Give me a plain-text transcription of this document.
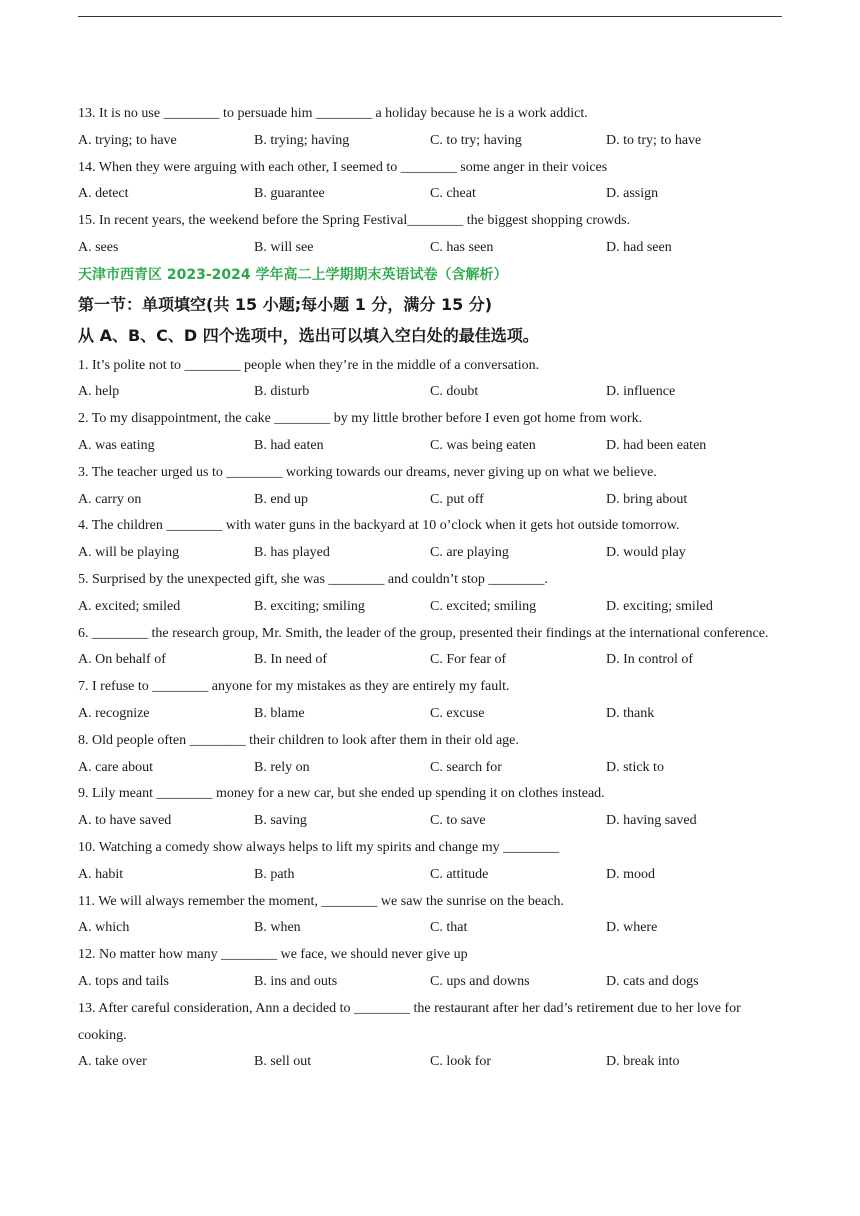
13. It is no use ________ to persuade him ________ a holiday because he is a work addict.
A. trying; to have	B. trying; having	C. to try; having	D. to try; to have
14. When they were arguing with each other, I seemed to ________ some anger in their voices
A. detect	B. guarantee	C. cheat	D. assign
15. In recent years, the weekend before the Spring Festival________ the biggest shopping crowds.
A. sees	B. will see	C. has seen	D. had seen
天津市西青区 2023-2024 学年高二上学期期末英语试卷（含解析）
第一节：单项填空(共 15 小题;每小题 1 分，满分 15 分)
从 A、B、C、D 四个选项中，选出可以填入空白处的最佳选项。
1. It’s polite not to ________ people when they’re in the middle of a conversation.
A. help	B. disturb	C. doubt	D. influence
2. To my disappointment, the cake ________ by my little brother before I even got home from work.
A. was eating	B. had eaten	C. was being eaten	D. had been eaten
3. The teacher urged us to ________ working towards our dreams, never giving up on what we believe.
A. carry on	B. end up	C. put off	D. bring about
4. The children ________ with water guns in the backyard at 10 o’clock when it gets hot outside tomorrow.
A. will be playing	B. has played	C. are playing	D. would play
5. Surprised by the unexpected gift, she was ________ and couldn’t stop ________.
A. excited; smiled	B. exciting; smiling	C. excited; smiling	D. exciting; smiled
6. ________ the research group, Mr. Smith, the leader of the group, presented their findings at the international conference.
A. On behalf of	B. In need of	C. For fear of	D. In control of
7. I refuse to ________ anyone for my mistakes as they are entirely my fault.
A. recognize	B. blame	C. excuse	D. thank
8. Old people often ________ their children to look after them in their old age.
A. care about	B. rely on	C. search for	D. stick to
9. Lily meant ________ money for a new car, but she ended up spending it on clothes instead.
A. to have saved	B. saving	C. to save	D. having saved
10. Watching a comedy show always helps to lift my spirits and change my ________
A. habit	B. path	C. attitude	D. mood
11. We will always remember the moment, ________ we saw the sunrise on the beach.
A. which	B. when	C. that	D. where
12. No matter how many ________ we face, we should never give up
A. tops and tails	B. ins and outs	C. ups and downs	D. cats and dogs
13. After careful consideration, Ann a decided to ________ the restaurant after her dad’s retirement due to her love for cooking.
A. take over	B. sell out	C. look for	D. break into
